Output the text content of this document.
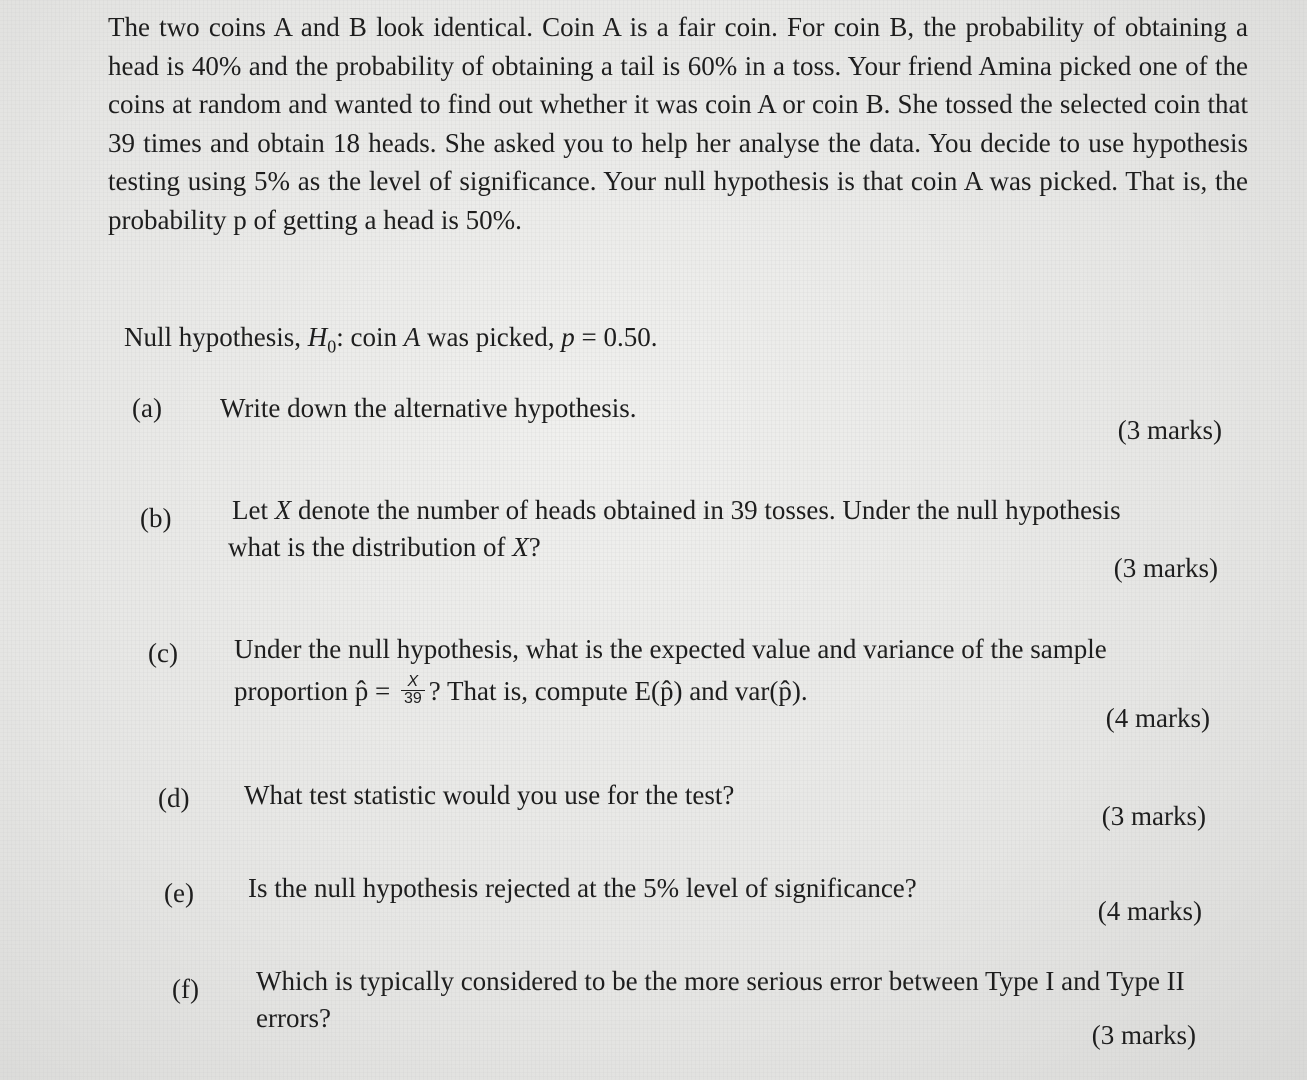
The two coins A and B look identical. Coin A is a fair coin. For coin B, the probability of obtaining a head is 40% and the probability of obtaining a tail is 60% in a toss. Your friend Amina picked one of the coins at random and wanted to find out whether it was coin A or coin B. She tossed the selected coin that 39 times and obtain 18 heads. She asked you to help her analyse the data. You decide to use hypothesis testing using 5% as the level of significance. Your null hypothesis is that coin A was picked. That is, the probability p of getting a head is 50%.
Null hypothesis, $H_0$: coin A was picked, p = 0.50.
(a) Write down the alternative hypothesis.
(3 marks)
(b) Let X denote the number of heads obtained in 39 tosses. Under the null hypothesis
what is the distribution of X?
(3 marks)
(c) Under the null hypothesis, what is the expected value and variance of the sample
proportion p̂ = $\frac{X}{39}$ ? That is, compute E(p̂) and var(p̂).
(4 marks)
(d) What test statistic would you use for the test?
(3 marks)
(e) Is the null hypothesis rejected at the 5% level of significance?
(4 marks)
(f) Which is typically considered to be the more serious error between Type I and Type II
errors?
(3 marks)
